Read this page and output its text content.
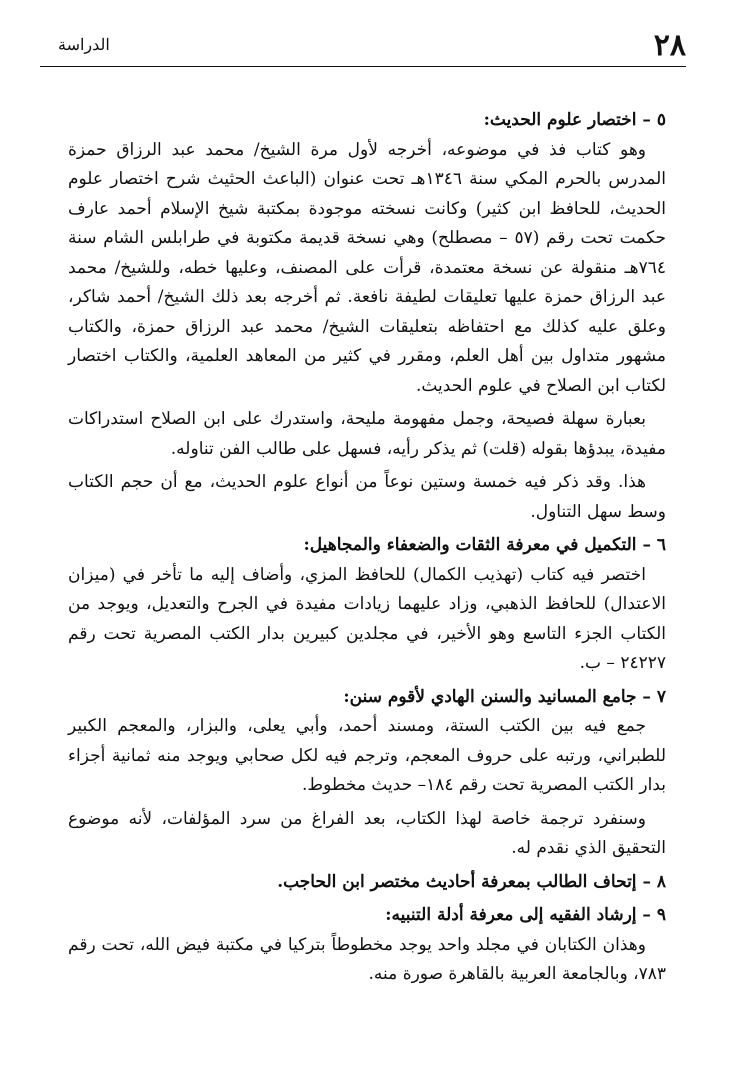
٢٨
الدراسة

٥ – اختصار علوم الحديث:

وهو كتاب فذ في موضوعه، أخرجه لأول مرة الشيخ/ محمد عبد الرزاق حمزة المدرس بالحرم المكي سنة ١٣٤٦هـ تحت عنوان (الباعث الحثيث شرح اختصار علوم الحديث، للحافظ ابن كثير) وكانت نسخته موجودة بمكتبة شيخ الإسلام أحمد عارف حكمت تحت رقم (٥٧ – مصطلح) وهي نسخة قديمة مكتوبة في طرابلس الشام سنة ٧٦٤هـ منقولة عن نسخة معتمدة، قرأت على المصنف، وعليها خطه، وللشيخ/ محمد عبد الرزاق حمزة عليها تعليقات لطيفة نافعة. ثم أخرجه بعد ذلك الشيخ/ أحمد شاكر، وعلق عليه كذلك مع احتفاظه بتعليقات الشيخ/ محمد عبد الرزاق حمزة، والكتاب مشهور متداول بين أهل العلم، ومقرر في كثير من المعاهد العلمية، والكتاب اختصار لكتاب ابن الصلاح في علوم الحديث.

بعبارة سهلة فصيحة، وجمل مفهومة مليحة، واستدرك على ابن الصلاح استدراكات مفيدة، يبدؤها بقوله (قلت) ثم يذكر رأيه، فسهل على طالب الفن تناوله.

هذا. وقد ذكر فيه خمسة وستين نوعاً من أنواع علوم الحديث، مع أن حجم الكتاب وسط سهل التناول.

٦ – التكميل في معرفة الثقات والضعفاء والمجاهيل:

اختصر فيه كتاب (تهذيب الكمال) للحافظ المزي، وأضاف إليه ما تأخر في (ميزان الاعتدال) للحافظ الذهبي، وزاد عليهما زيادات مفيدة في الجرح والتعديل، ويوجد من الكتاب الجزء التاسع وهو الأخير، في مجلدين كبيرين بدار الكتب المصرية تحت رقم ٢٤٢٢٧ – ب.

٧ – جامع المسانيد والسنن الهادي لأقوم سنن:

جمع فيه بين الكتب الستة، ومسند أحمد، وأبي يعلى، والبزار، والمعجم الكبير للطبراني، ورتبه على حروف المعجم، وترجم فيه لكل صحابي ويوجد منه ثمانية أجزاء بدار الكتب المصرية تحت رقم ١٨٤– حديث مخطوط.

وسنفرد ترجمة خاصة لهذا الكتاب، بعد الفراغ من سرد المؤلفات، لأنه موضوع التحقيق الذي نقدم له.

٨ – إتحاف الطالب بمعرفة أحاديث مختصر ابن الحاجب.

٩ – إرشاد الفقيه إلى معرفة أدلة التنبيه:

وهذان الكتابان في مجلد واحد يوجد مخطوطاً بتركيا في مكتبة فيض الله، تحت رقم ٧٨٣، وبالجامعة العربية بالقاهرة صورة منه.
